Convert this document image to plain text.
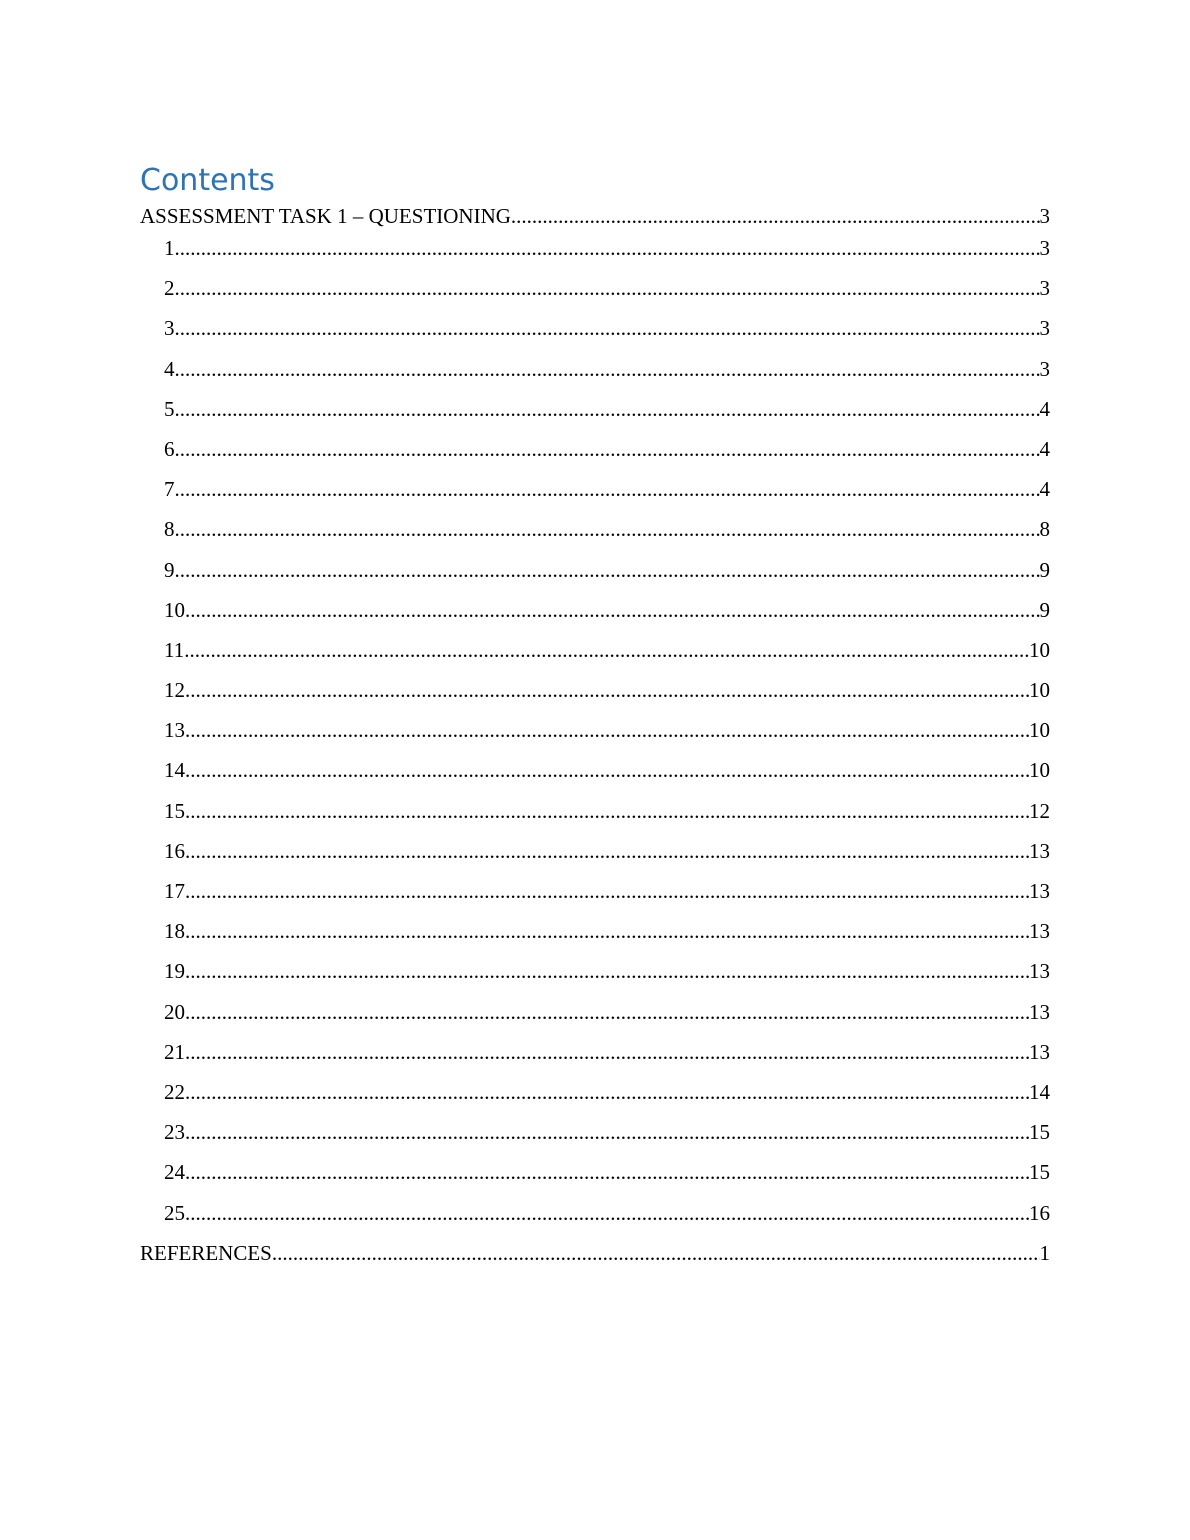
Contents
ASSESSMENT TASK 1 – QUESTIONING .....	3
1 .....	3
2 .....	3
3 .....	3
4 .....	3
5 .....	4
6 .....	4
7 .....	4
8 .....	8
9 .....	9
10 .....	9
11 .....	10
12 .....	10
13 .....	10
14 .....	10
15 .....	12
16 .....	13
17 .....	13
18 .....	13
19 .....	13
20 .....	13
21 .....	13
22 .....	14
23 .....	15
24 .....	15
25 .....	16
REFERENCES .....	1
